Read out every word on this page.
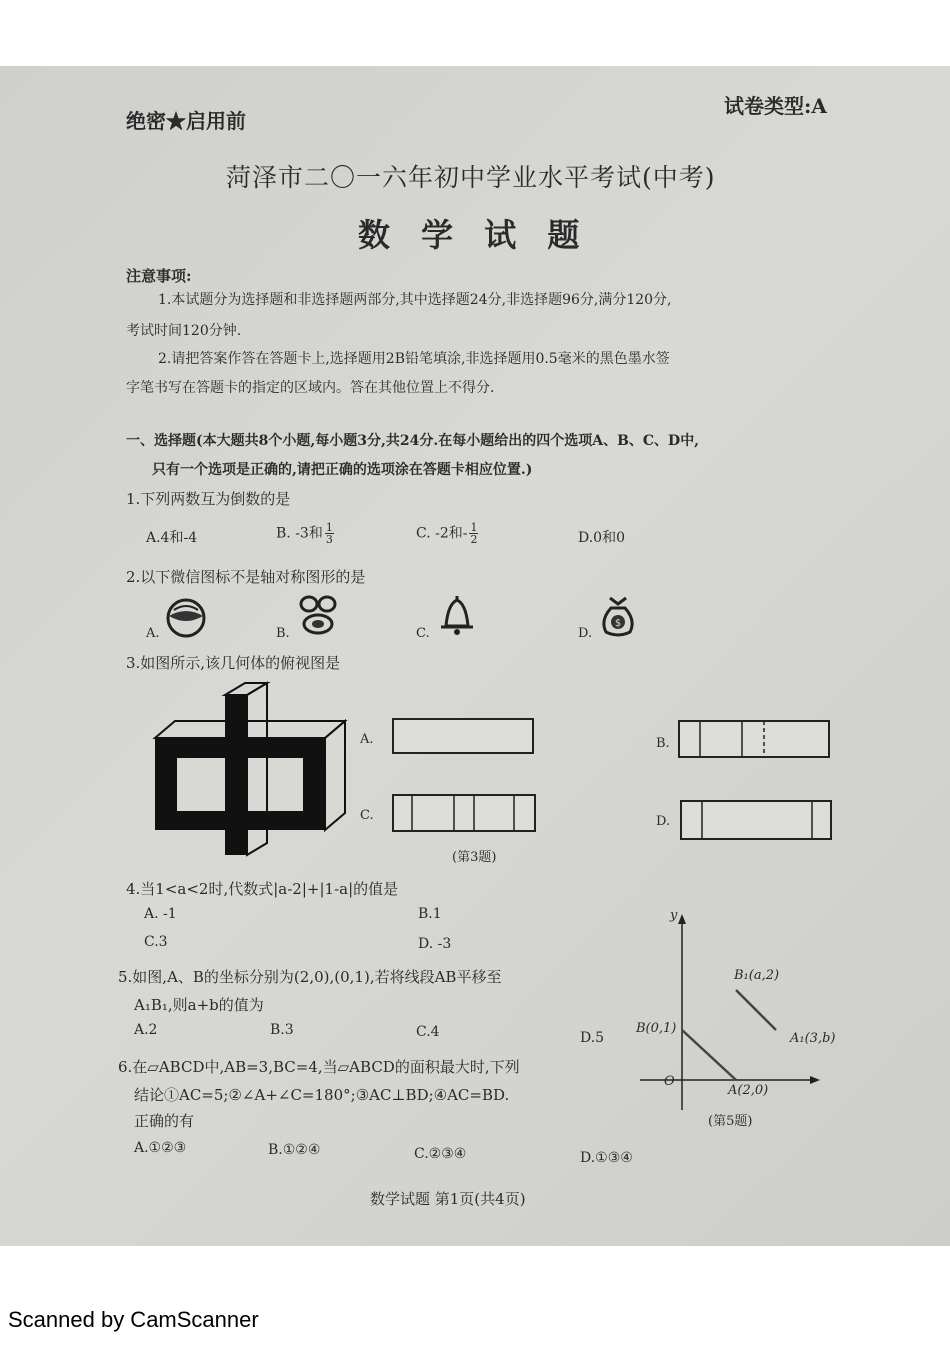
绝密★启用前
试卷类型:A
菏泽市二〇一六年初中学业水平考试(中考)
数 学 试 题
注意事项:
1.本试题分为选择题和非选择题两部分,其中选择题24分,非选择题96分,满分120分,
考试时间120分钟.
2.请把答案作答在答题卡上,选择题用2B铅笔填涂,非选择题用0.5毫米的黑色墨水签
字笔书写在答题卡的指定的区域内。答在其他位置上不得分.
一、选择题(本大题共8个小题,每小题3分,共24分.在每小题给出的四个选项A、B、C、D中,
只有一个选项是正确的,请把正确的选项涂在答题卡相应位置.)
1.下列两数互为倒数的是
A.4和-4	B. -3和 $\frac{1}{3}$	C. -2和- $\frac{1}{2}$	D.0和0
2.以下微信图标不是轴对称图形的是
A.	B.	C.	D.
$
3.如图所示,该几何体的俯视图是
A.	B.
C.	D.
(第3题)
4.当1<a<2时,代数式|a-2|+|1-a|的值是
A. -1	B.1
C.3	D. -3
5.如图,A、B的坐标分别为(2,0),(0,1),若将线段AB平移至
A₁B₁,则a+b的值为
A.2	B.3	C.4	D.5
y
O
B(0,1)
A(2,0)
B₁(a,2)
A₁(3,b)
(第5题)
6.在▱ABCD中,AB=3,BC=4,当▱ABCD的面积最大时,下列
结论①AC=5;②∠A+∠C=180°;③AC⊥BD;④AC=BD.
正确的有
A.①②③	B.①②④	C.②③④	D.①③④
数学试题 第1页(共4页)
Scanned by CamScanner
